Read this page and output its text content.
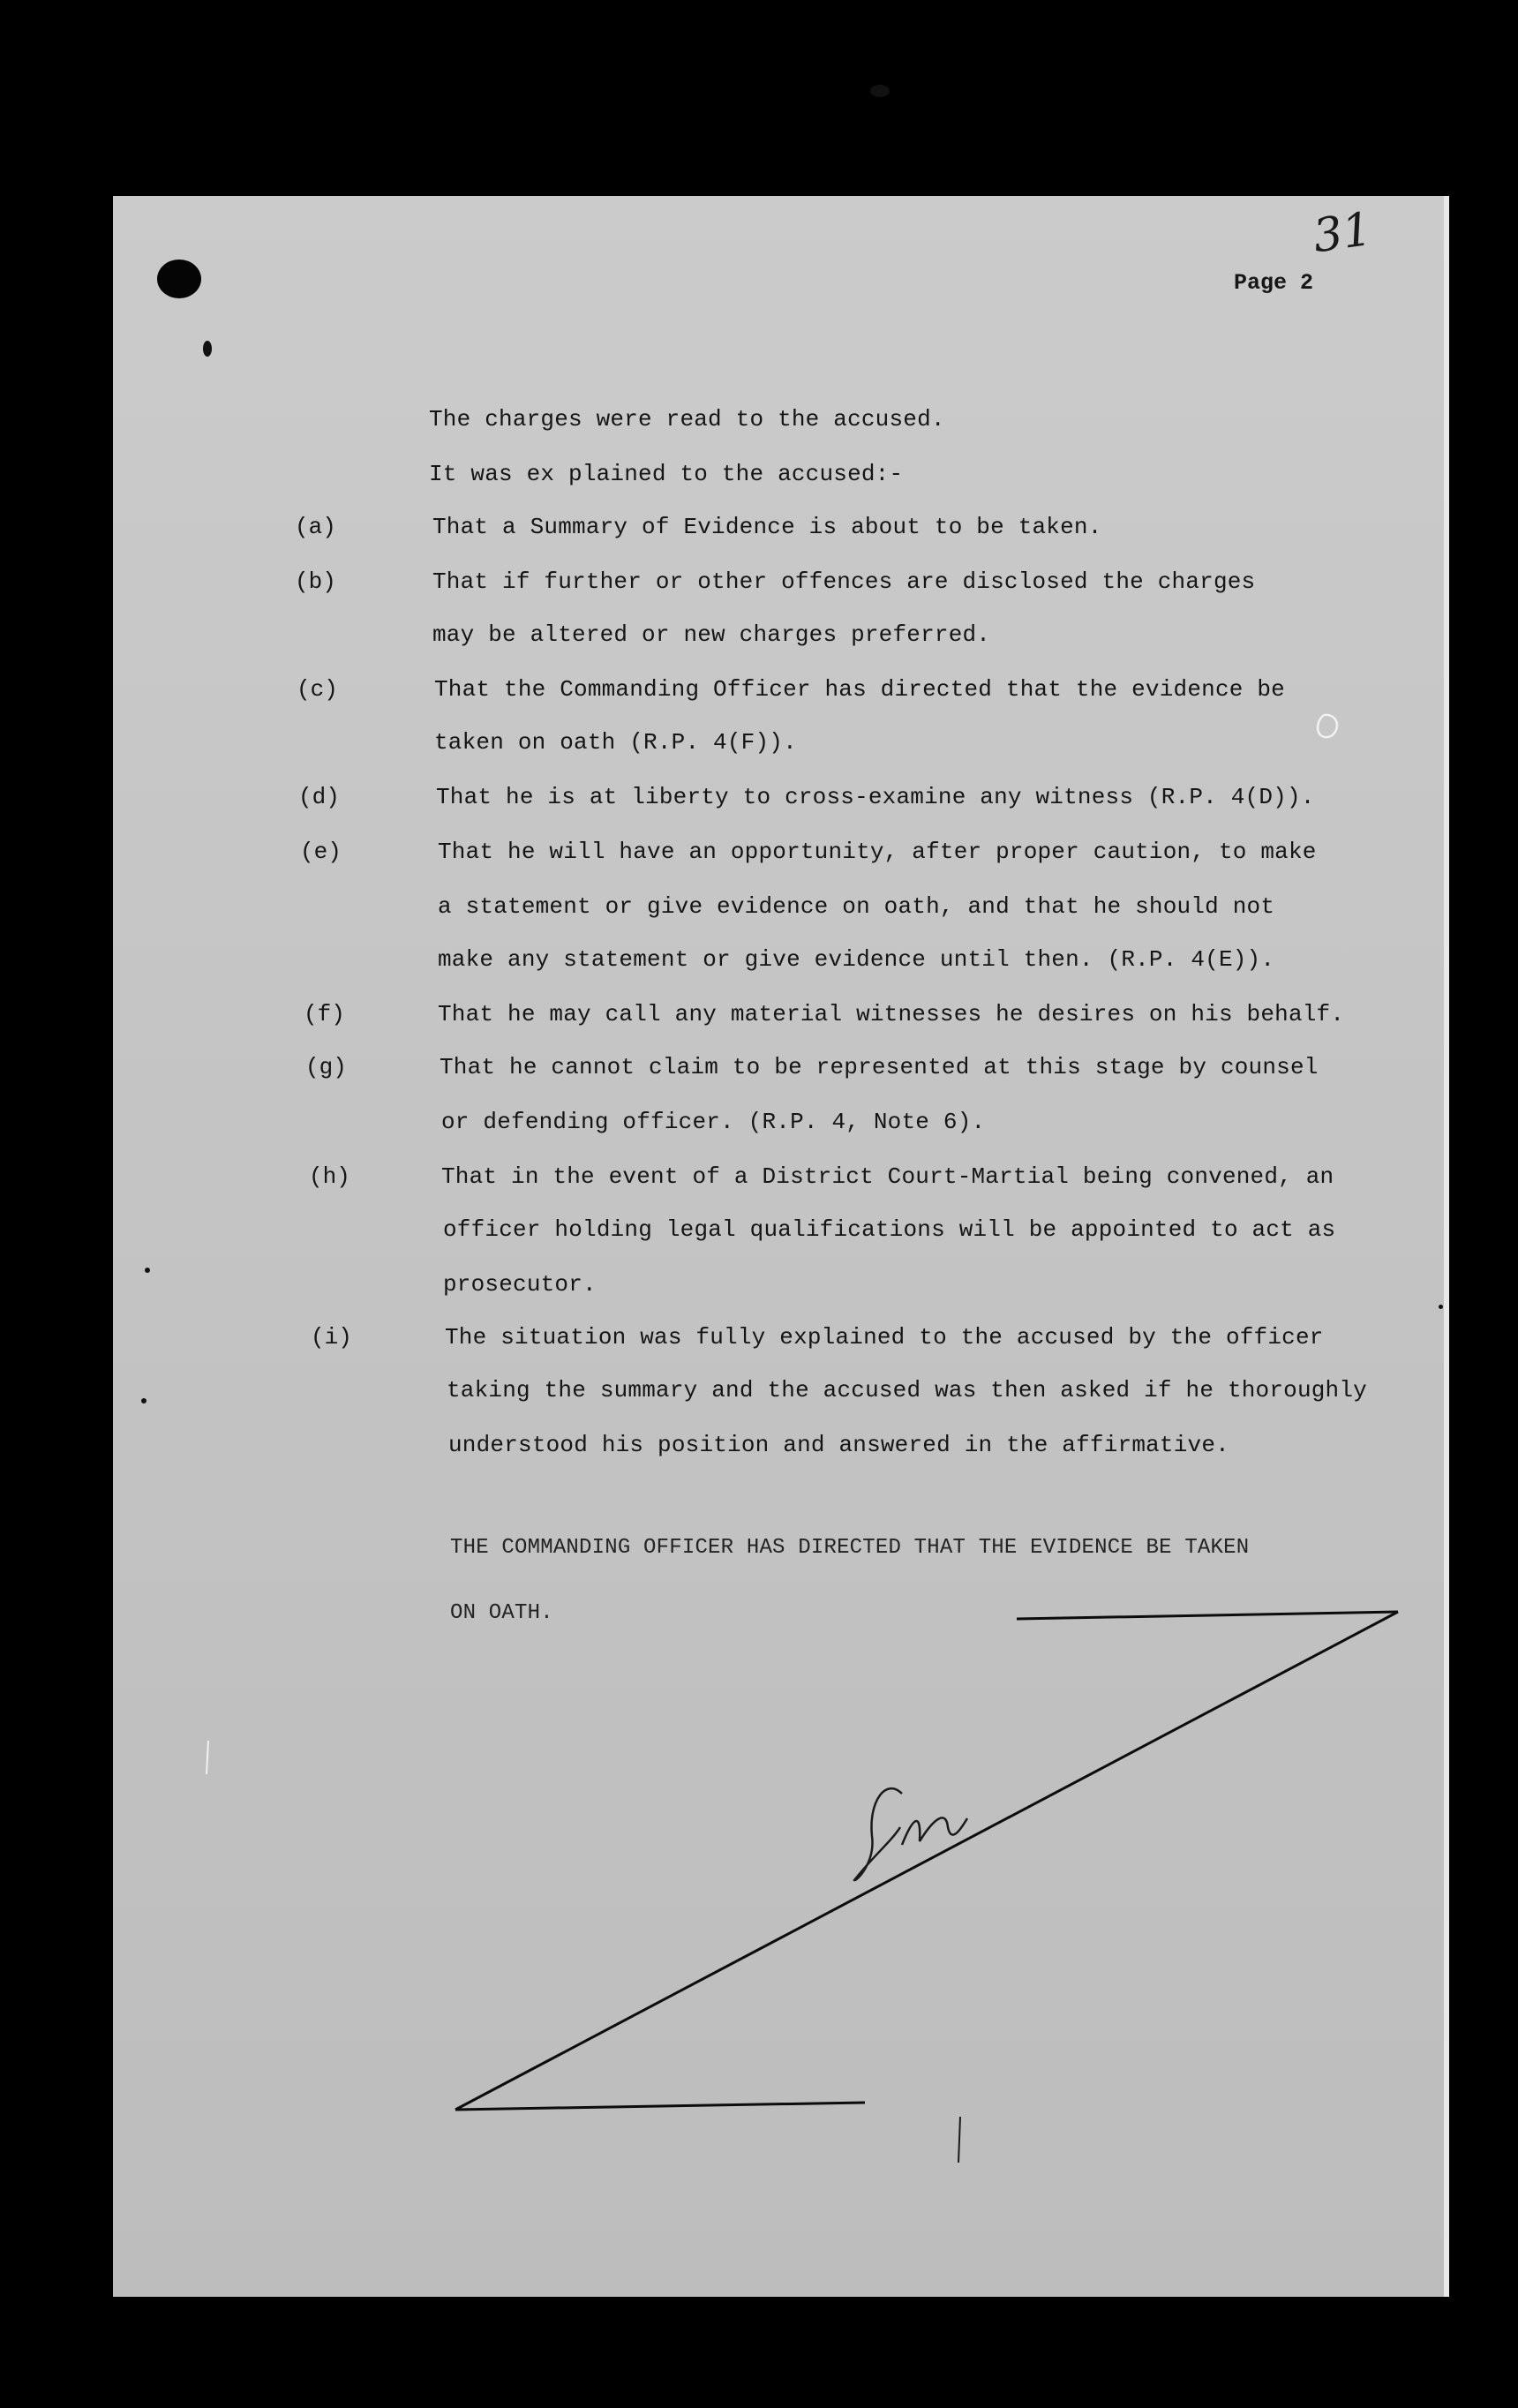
31
Page 2
The charges were read to the accused.
It was ex plained to the accused:-
(a)	That a Summary of Evidence is about to be taken.
(b)	That if further or other offences are disclosed the charges
may be altered or new charges preferred.
(c)	That the Commanding Officer has directed that the evidence be
taken on oath (R.P. 4(F)).
(d)	That he is at liberty to cross-examine any witness (R.P. 4(D)).
(e)	That he will have an opportunity, after proper caution, to make
a statement or give evidence on oath, and that he should not
make any statement or give evidence until then. (R.P. 4(E)).
(f)	That he may call any material witnesses he desires on his behalf.
(g)	That he cannot claim to be represented at this stage by counsel
or defending officer. (R.P. 4, Note 6).
(h)	That in the event of a District Court-Martial being convened, an
officer holding legal qualifications will be appointed to act as
prosecutor.
(i)	The situation was fully explained to the accused by the officer
taking the summary and the accused was then asked if he thoroughly
understood his position and answered in the affirmative.
THE COMMANDING OFFICER HAS DIRECTED THAT THE EVIDENCE BE TAKEN
ON OATH.
